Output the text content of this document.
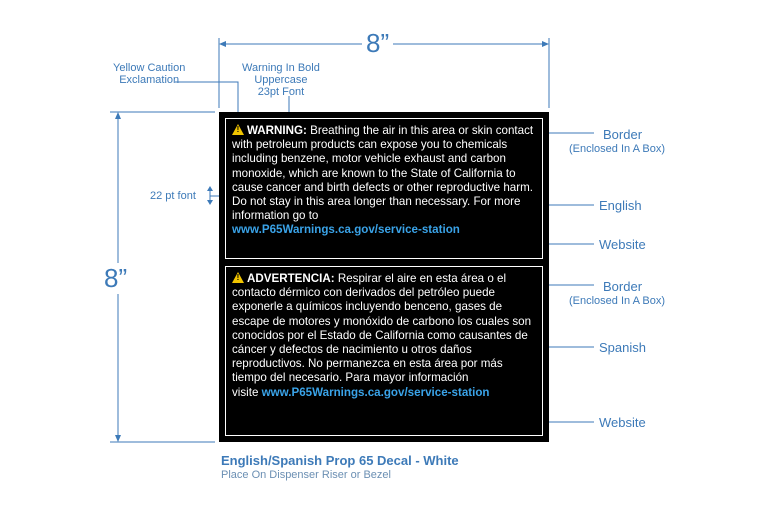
8”
8”
Yellow Caution
Exclamation
Warning In Bold
Uppercase
23pt Font
22 pt font
Border
(Enclosed In A Box)
English
Website
Border
(Enclosed In A Box)
Spanish
Website
! WARNING: Breathing the air in this area or skin contact with petroleum products can expose you to chemicals including benzene, motor vehicle exhaust and carbon monoxide, which are known to the State of California to cause cancer and birth defects or other reproductive harm. Do not stay in this area longer than necessary. For more information go to
www.P65Warnings.ca.gov/service-station
! ADVERTENCIA: Respirar el aire en esta área o el contacto dérmico con derivados del petróleo puede exponerle a químicos incluyendo benceno, gases de escape de motores y monóxido de carbono los cuales son conocidos por el Estado de California como causantes de cáncer y defectos de nacimiento u otros daños reproductivos. No permanezca en esta área por más tiempo del necesario. Para mayor información
visite www.P65Warnings.ca.gov/service-station
English/Spanish Prop 65 Decal - White
Place On Dispenser Riser or Bezel
